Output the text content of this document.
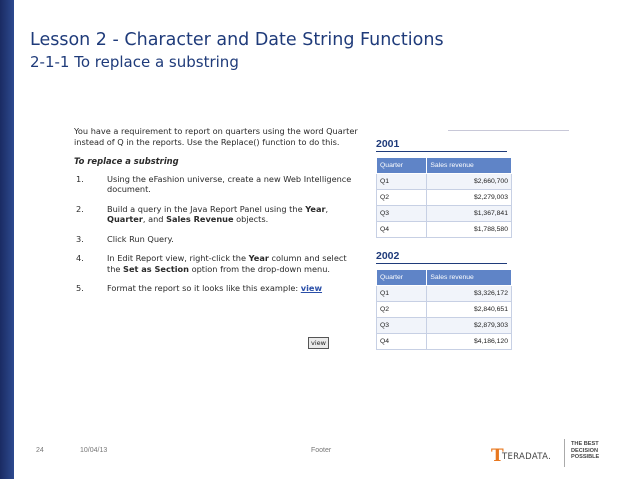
Lesson 2 - Character and Date String Functions
2-1-1 To replace a substring

You have a requirement to report on quarters using the word Quarter instead of Q in the reports. Use the Replace() function to do this.

To replace a substring

1.	Using the eFashion universe, create a new Web Intelligence document.
2.	Build a query in the Java Report Panel using the Year, Quarter, and Sales Revenue objects.
3.	Click Run Query.
4.	In Edit Report view, right-click the Year column and select the Set as Section option from the drop-down menu.
5.	Format the report so it looks like this example: view
view
2001
Quarter	Sales revenue
Q1	$2,660,700
Q2	$2,279,003
Q3	$1,367,841
Q4	$1,788,580
2002
Quarter	Sales revenue
Q1	$3,326,172
Q2	$2,840,651
Q3	$2,879,303
Q4	$4,186,120
24	10/04/13	Footer	T
TERADATA.
THE BEST
DECISION
POSSIBLE
